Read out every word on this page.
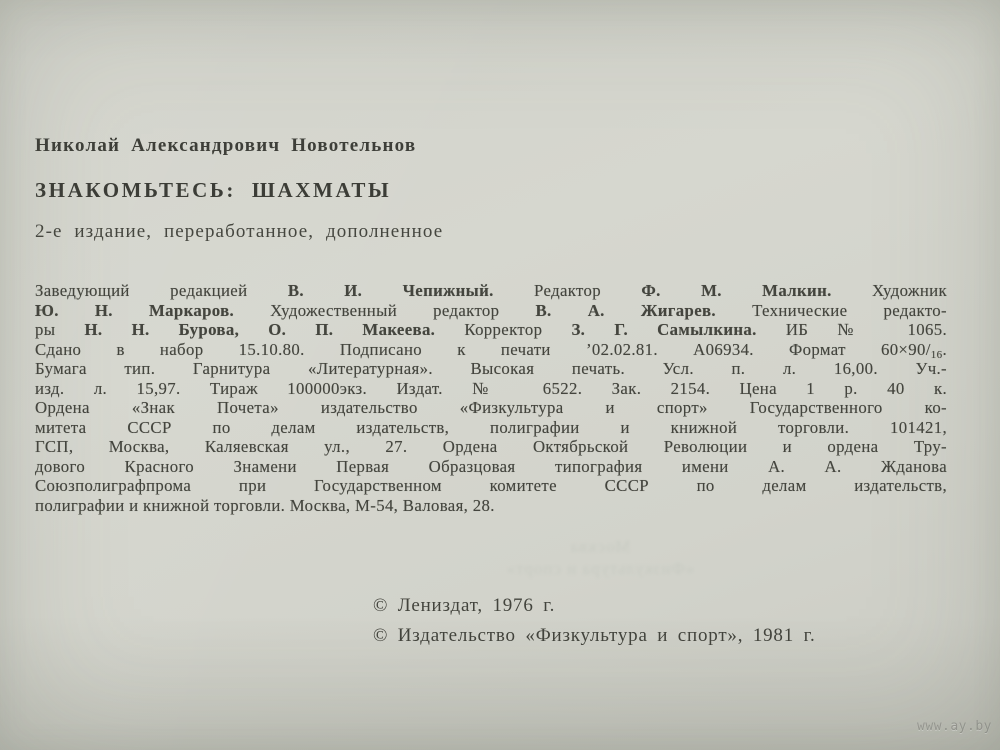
Николай Александрович Новотельнов
ЗНАКОМЬТЕСЬ: ШАХМАТЫ
2-е издание, переработанное, дополненное
Заведующий редакцией В. И. Чепижный. Редактор Ф. М. Малкин. Художник
Ю. Н. Маркаров. Художественный редактор В. А. Жигарев. Технические редакто-
ры Н. Н. Бурова, О. П. Макеева. Корректор З. Г. Самылкина. ИБ № 1065.
Сдано в набор 15.10.80. Подписано к печати ’02.02.81. А06934. Формат $60\times 90/_{16}$.
Бумага тип. Гарнитура «Литературная». Высокая печать. Усл. п. л. 16,00. Уч.-
изд. л. 15,97. Тираж 100000экз. Издат. № 6522. Зак. 2154. Цена 1 р. 40 к.
Ордена «Знак Почета» издательство «Физкультура и спорт» Государственного ко-
митета СССР по делам издательств, полиграфии и книжной торговли. 101421,
ГСП, Москва, Каляевская ул., 27. Ордена Октябрьской Революции и ордена Тру-
дового Красного Знамени Первая Образцовая типография имени А. А. Жданова
Союзполиграфпрома при Государственном комитете СССР по делам издательств,
полиграфии и книжной торговли. Москва, М-54, Валовая, 28.
Москва
«Физкультура и спорт»
© Лениздат, 1976 г.
© Издательство «Физкультура и спорт», 1981 г.
www.ay.by
